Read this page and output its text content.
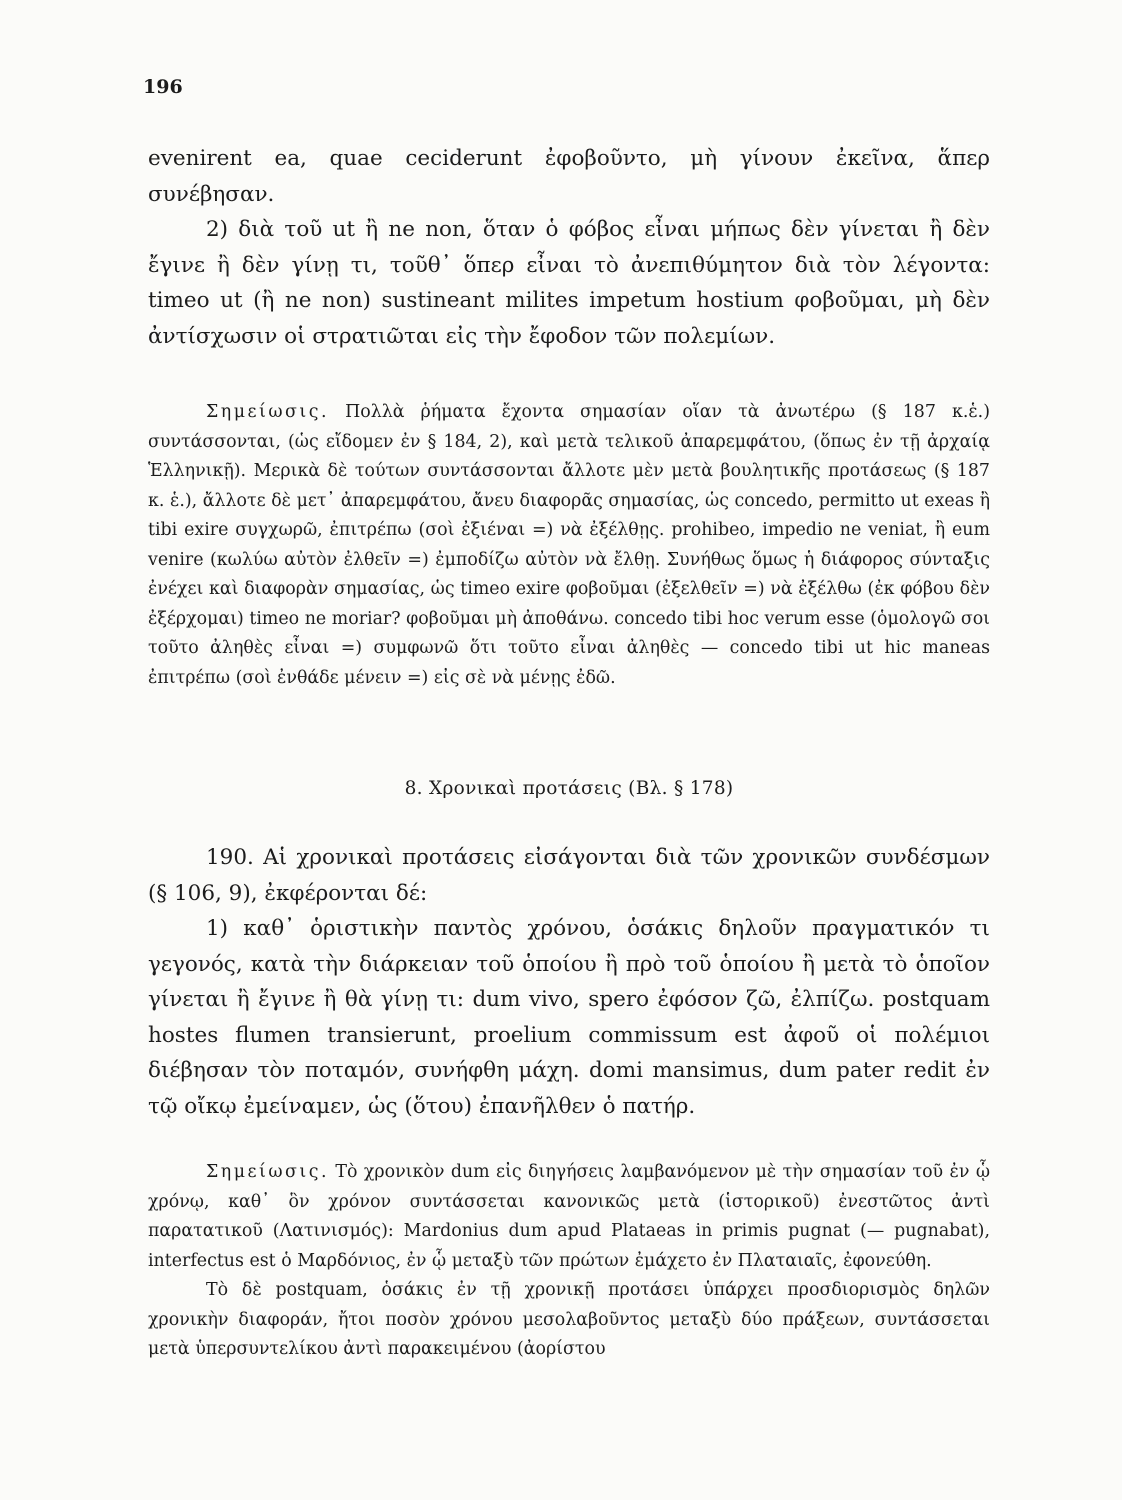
196

evenirent ea, quae ceciderunt ἐφοβοῦντο, μὴ γίνουν ἐκεῖνα, ἅπερ συνέβησαν.

2) διὰ τοῦ ut ἢ ne non, ὅταν ὁ φόβος εἶναι μήπως δὲν γίνεται ἢ δὲν ἔγινε ἢ δὲν γίνῃ τι, τοῦθ᾽ ὅπερ εἶναι τὸ ἀνεπιθύμητον διὰ τὸν λέγοντα: timeo ut (ἢ ne non) sustineant milites impetum hostium φοβοῦμαι, μὴ δὲν ἀντίσχωσιν οἱ στρατιῶται εἰς τὴν ἔφοδον τῶν πολεμίων.

Σημείωσις. Πολλὰ ῥήματα ἔχοντα σημασίαν οἵαν τὰ ἀνωτέρω (§ 187 κ.ἑ.) συντάσσονται, (ὡς εἴδομεν ἐν § 184, 2), καὶ μετὰ τελικοῦ ἀπαρεμφάτου, (ὅπως ἐν τῇ ἀρχαίᾳ Ἑλληνικῇ). Μερικὰ δὲ τούτων συντάσσονται ἄλλοτε μὲν μετὰ βουλητικῆς προτάσεως (§ 187 κ. ἑ.), ἄλλοτε δὲ μετ᾽ ἀπαρεμφάτου, ἄνευ διαφορᾶς σημασίας, ὡς concedo, permitto ut exeas ἢ tibi exire συγχωρῶ, ἐπιτρέπω (σοὶ ἐξιέναι =) νὰ ἐξέλθῃς. prohibeo, impedio ne veniat, ἢ eum venire (κωλύω αὐτὸν ἐλθεῖν =) ἐμποδίζω αὐτὸν νὰ ἔλθῃ. Συνήθως ὅμως ἡ διάφορος σύνταξις ἐνέχει καὶ διαφορὰν σημασίας, ὡς timeo exire φοβοῦμαι (ἐξελθεῖν =) νὰ ἐξέλθω (ἐκ φόβου δὲν ἐξέρχομαι) timeo ne moriar? φοβοῦμαι μὴ ἀποθάνω. concedo tibi hoc verum esse (ὁμολογῶ σοι τοῦτο ἀληθὲς εἶναι =) συμφωνῶ ὅτι τοῦτο εἶναι ἀληθὲς — concedo tibi ut hic maneas ἐπιτρέπω (σοὶ ἐνθάδε μένειν =) εἰς σὲ νὰ μένῃς ἐδῶ.

8. Χρονικαὶ προτάσεις (Βλ. § 178)

190. Αἱ χρονικαὶ προτάσεις εἰσάγονται διὰ τῶν χρονικῶν συνδέσμων (§ 106, 9), ἐκφέρονται δέ:

1) καθ᾽ ὁριστικὴν παντὸς χρόνου, ὁσάκις δηλοῦν πραγματικόν τι γεγονός, κατὰ τὴν διάρκειαν τοῦ ὁποίου ἢ πρὸ τοῦ ὁποίου ἢ μετὰ τὸ ὁποῖον γίνεται ἢ ἔγινε ἢ θὰ γίνῃ τι: dum vivo, spero ἐφόσον ζῶ, ἐλπίζω. postquam hostes flumen transierunt, proelium commissum est ἀφοῦ οἱ πολέμιοι διέβησαν τὸν ποταμόν, συνήφθη μάχη. domi mansimus, dum pater redit ἐν τῷ οἴκῳ ἐμείναμεν, ὡς (ὅτου) ἐπανῆλθεν ὁ πατήρ.

Σημείωσις. Τὸ χρονικὸν dum εἰς διηγήσεις λαμβανόμενον μὲ τὴν σημασίαν τοῦ ἐν ᾧ χρόνῳ, καθ᾽ ὃν χρόνον συντάσσεται κανονικῶς μετὰ (ἱστορικοῦ) ἐνεστῶτος ἀντὶ παρατατικοῦ (Λατινισμός): Mardonius dum apud Plataeas in primis pugnat (— pugnabat), interfectus est ὁ Μαρδόνιος, ἐν ᾧ μεταξὺ τῶν πρώτων ἐμάχετο ἐν Πλαταιαῖς, ἐφονεύθη.

Τὸ δὲ postquam, ὁσάκις ἐν τῇ χρονικῇ προτάσει ὑπάρχει προσδιορισμὸς δηλῶν χρονικὴν διαφοράν, ἤτοι ποσὸν χρόνου μεσολαβοῦντος μεταξὺ δύο πράξεων, συντάσσεται μετὰ ὑπερσυντελίκου ἀντὶ παρακειμένου (ἀορίστου
